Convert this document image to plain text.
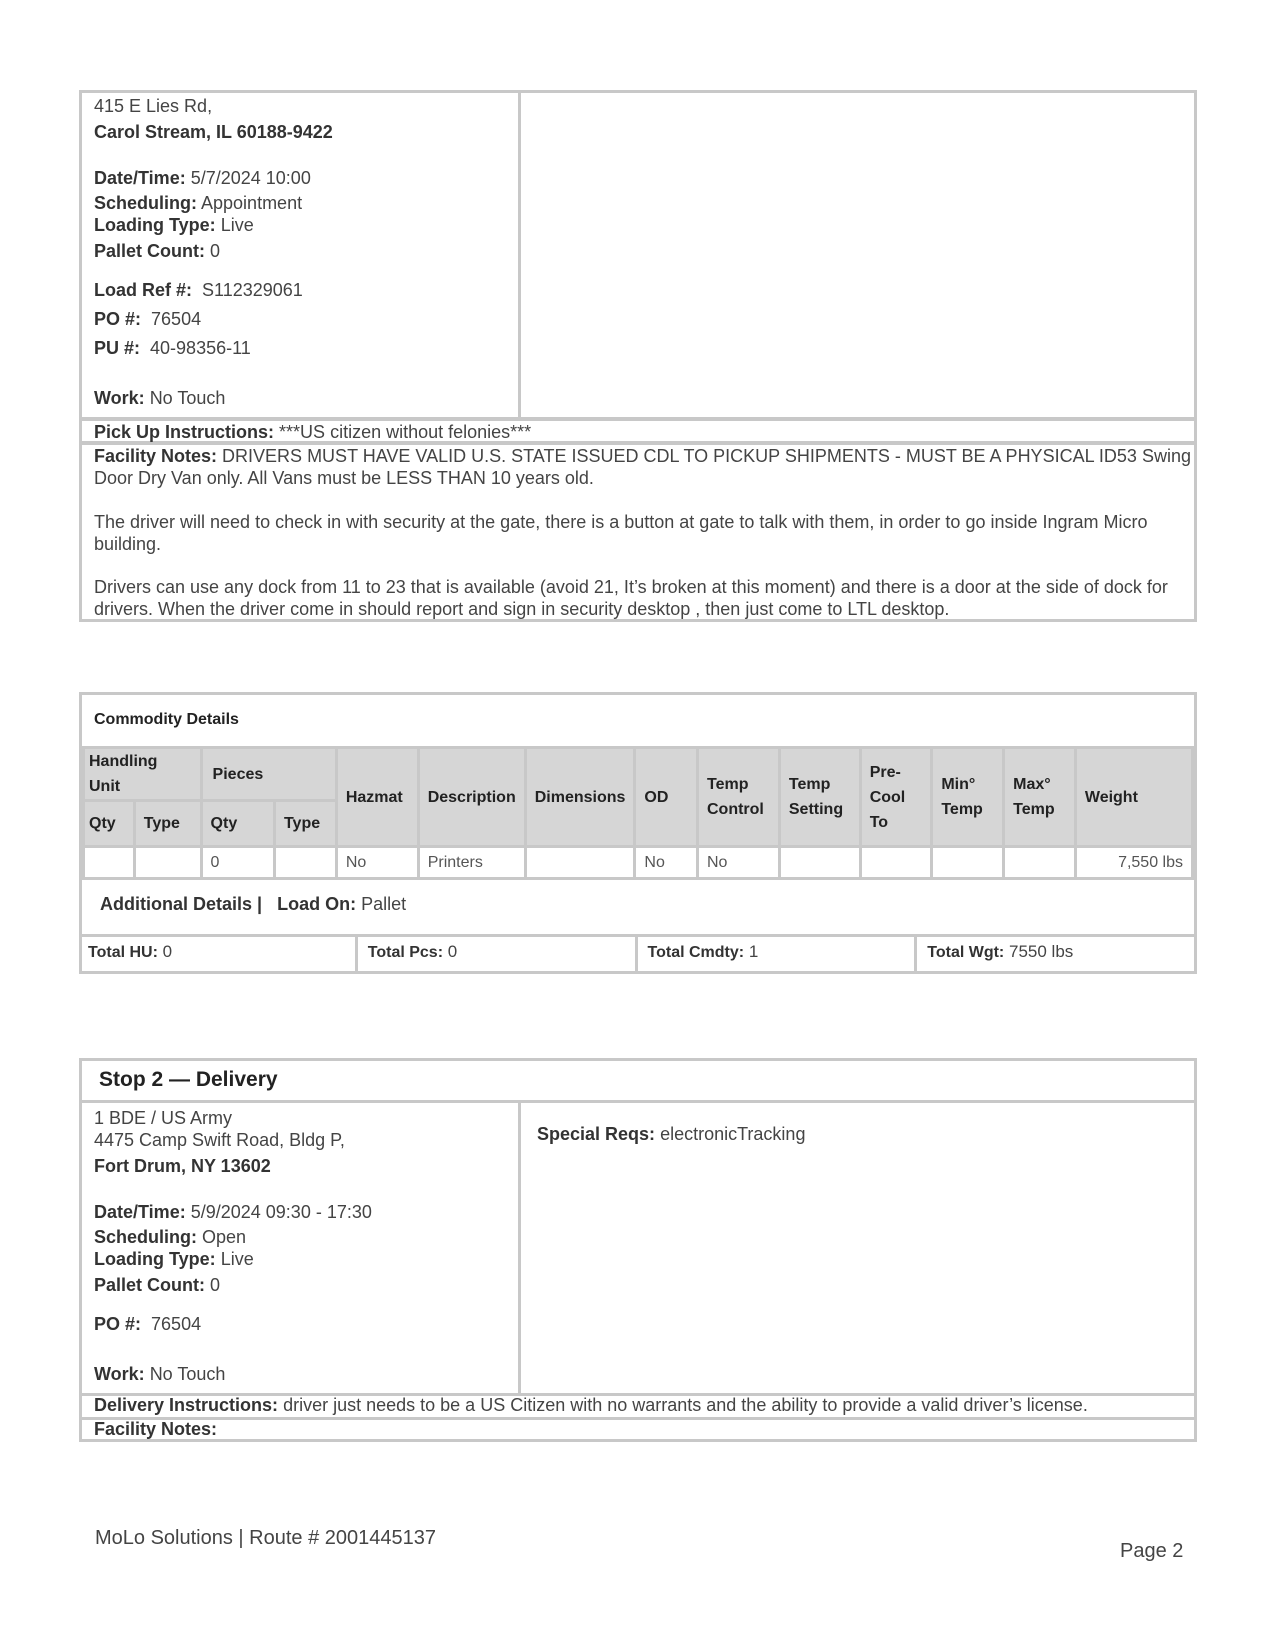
415 E Lies Rd,
Carol Stream, IL 60188-9422
Date/Time: 5/7/2024 10:00
Scheduling: Appointment
Loading Type: Live
Pallet Count: 0
Load Ref #: S112329061
PO #: 76504
PU #: 40-98356-11
Work: No Touch
Pick Up Instructions: ***US citizen without felonies***
Facility Notes: DRIVERS MUST HAVE VALID U.S. STATE ISSUED CDL TO PICKUP SHIPMENTS - MUST BE A PHYSICAL ID53 Swing Door Dry Van only. All Vans must be LESS THAN 10 years old.
The driver will need to check in with security at the gate, there is a button at gate to talk with them, in order to go inside Ingram Micro building.
Drivers can use any dock from 11 to 23 that is available (avoid 21, It’s broken at this moment) and there is a door at the side of dock for drivers. When the driver come in should report and sign in security desktop , then just come to LTL desktop.
Commodity Details
Handling Unit		Pieces		Hazmat	Description	Dimensions	OD	Temp Control	Temp Setting	Pre-Cool To	Min° Temp	Max° Temp	Weight
Qty	Type	Qty	Type										
		0		No	Printers		No	No					7,550 lbs
Additional Details | Load On: Pallet
Total HU: 0	Total Pcs: 0	Total Cmdty: 1	Total Wgt: 7550 lbs
Stop 2 — Delivery
1 BDE / US Army
4475 Camp Swift Road, Bldg P,
Fort Drum, NY 13602
Date/Time: 5/9/2024 09:30 - 17:30
Scheduling: Open
Loading Type: Live
Pallet Count: 0
PO #: 76504
Work: No Touch
Special Reqs: electronicTracking
Delivery Instructions: driver just needs to be a US Citizen with no warrants and the ability to provide a valid driver’s license.
Facility Notes:
MoLo Solutions | Route # 2001445137
Page 2
